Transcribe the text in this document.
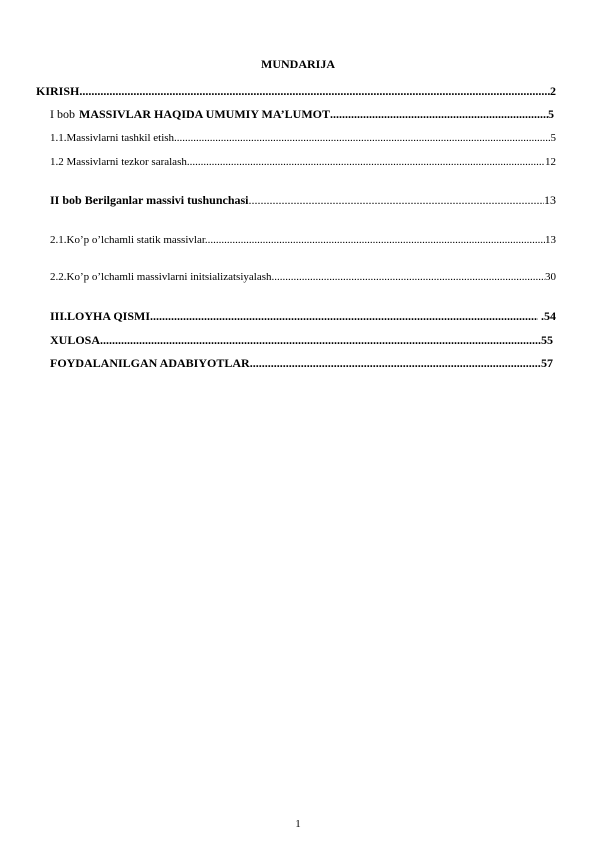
MUNDARIJA
KIRISH .....	2
I bob MASSIVLAR HAQIDA UMUMIY MA’LUMOT .....	5
1.1.Massivlarni tashkil etish .....	5
1.2 Massivlarni tezkor saralash .....	12
II bob Berilganlar massivi tushunchasi .....	13
2.1.Ko’p o’lchamli statik massivlar. .....	13
2.2.Ko’p o’lchamli massivlarni initsializatsiyalash .....	30
III.LOYHA QISMI .....	.54
XULOSA .....	55
FOYDALANILGAN ADABIYOTLAR .....	57
1
